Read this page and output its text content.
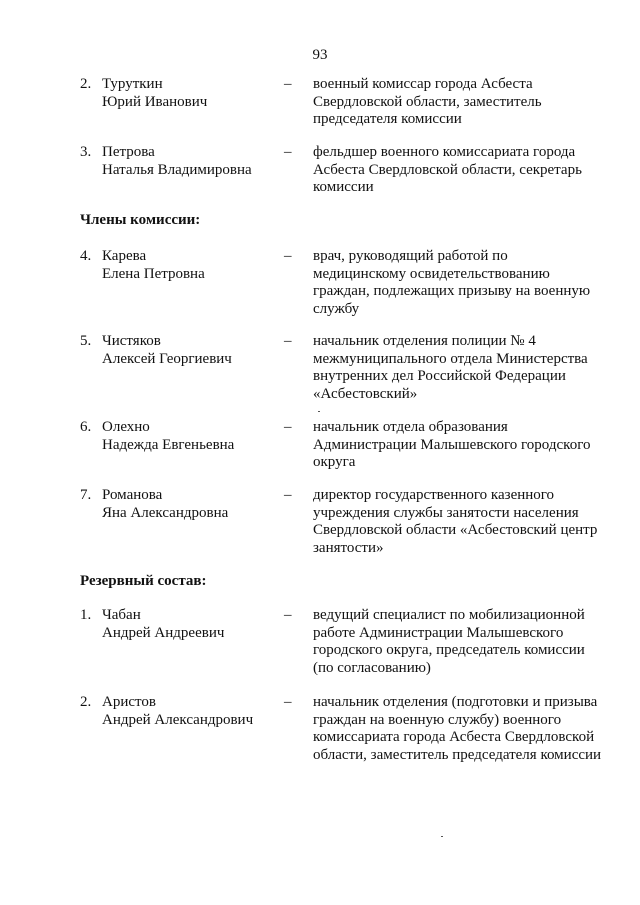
93
2. Туруткин
Юрий Иванович
– военный комиссар города Асбеста
Свердловской области, заместитель
председателя комиссии
3. Петрова
Наталья Владимировна
– фельдшер военного комиссариата города
Асбеста Свердловской области, секретарь
комиссии
Члены комиссии:
4. Карева
Елена Петровна
– врач, руководящий работой по
медицинскому освидетельствованию
граждан, подлежащих призыву на военную
службу
5. Чистяков
Алексей Георгиевич
– начальник отделения полиции № 4
межмуниципального отдела Министерства
внутренних дел Российской Федерации
«Асбестовский»
6. Олехно
Надежда Евгеньевна
– начальник отдела образования
Администрации Малышевского городского
округа
7. Романова
Яна Александровна
– директор государственного казенного
учреждения службы занятости населения
Свердловской области «Асбестовский центр
занятости»
Резервный состав:
1. Чабан
Андрей Андреевич
– ведущий специалист по мобилизационной
работе Администрации Малышевского
городского округа, председатель комиссии
(по согласованию)
2. Аристов
Андрей Александрович
– начальник отделения (подготовки и призыва
граждан на военную службу) военного
комиссариата города Асбеста Свердловской
области, заместитель председателя комиссии
